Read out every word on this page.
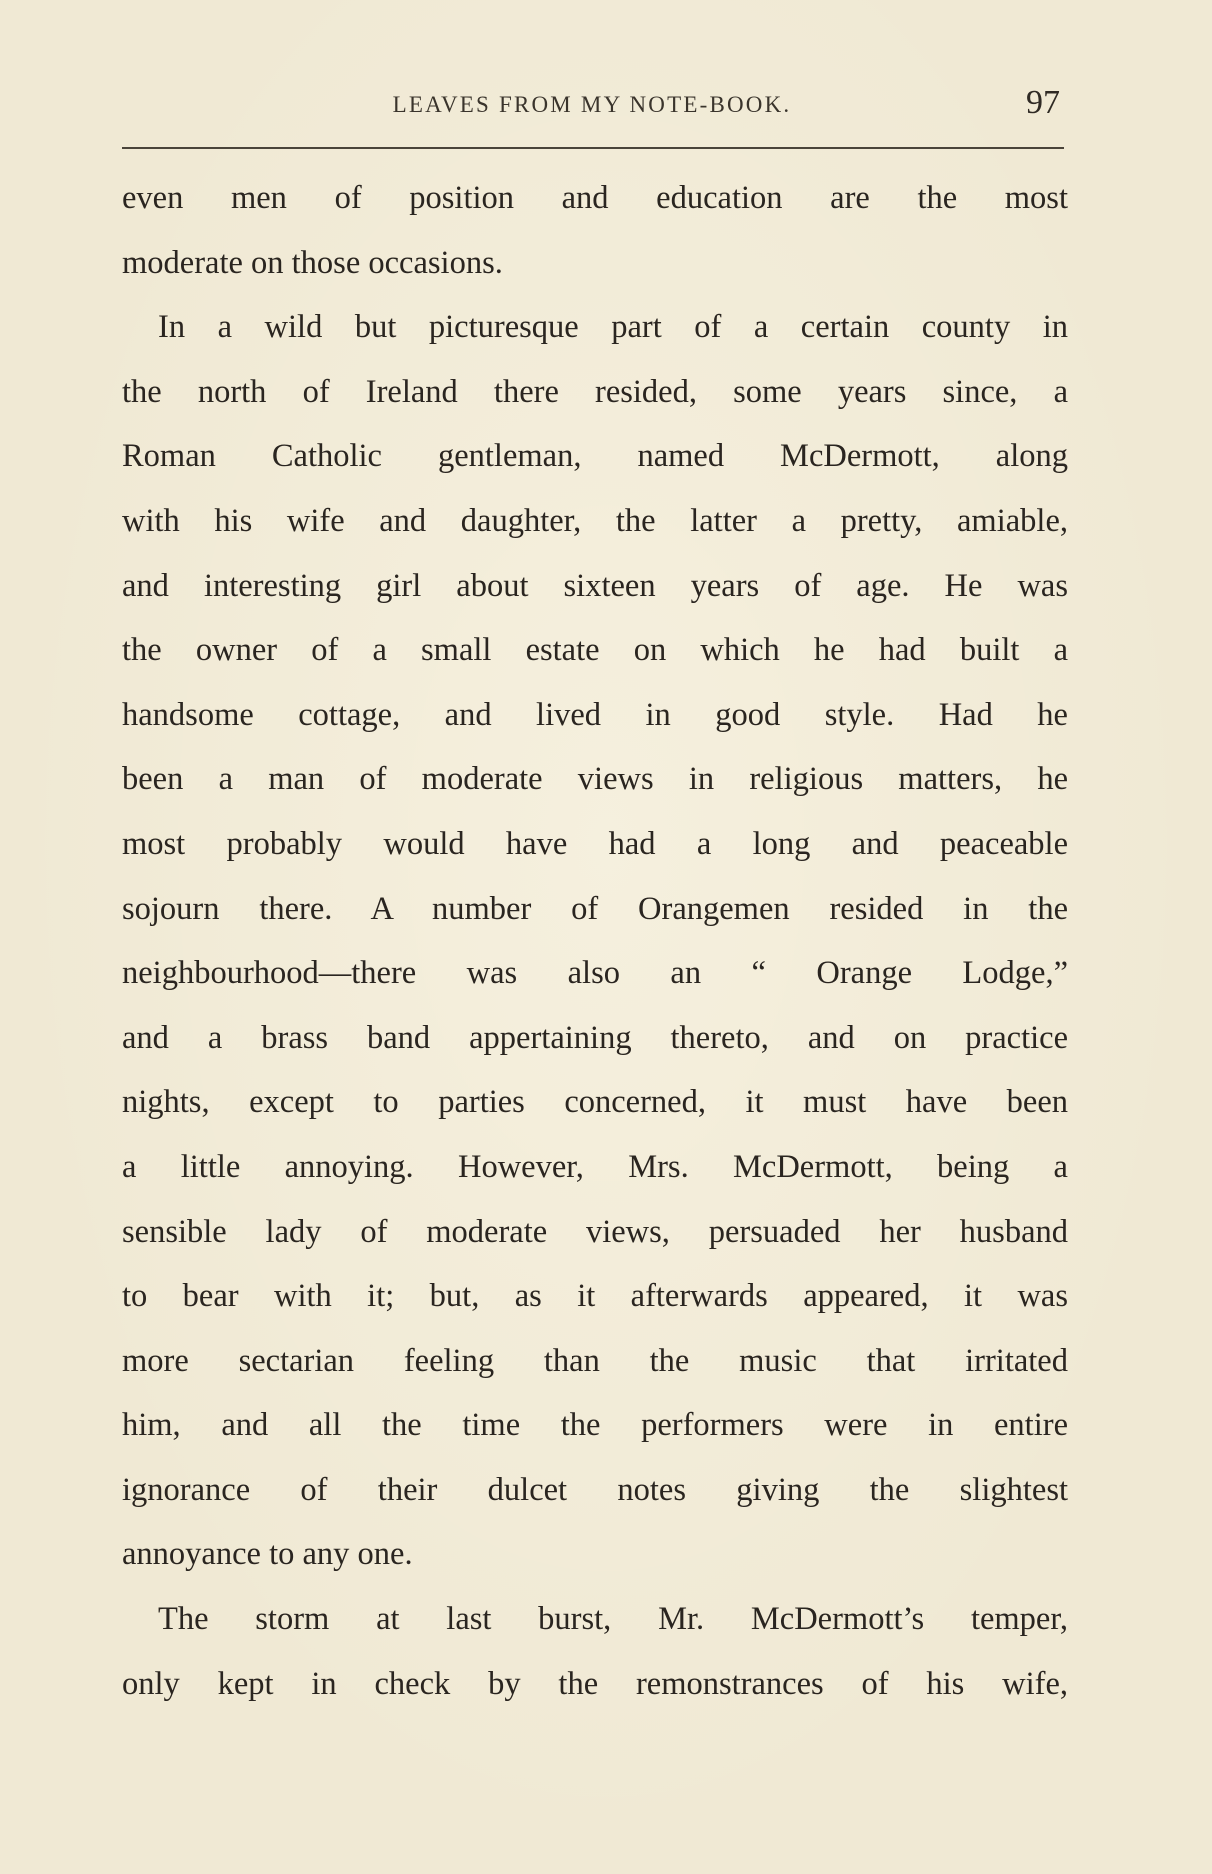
LEAVES FROM MY NOTE-BOOK.	97
even men of position and education are the most
moderate on those occasions.
In a wild but picturesque part of a certain county in
the north of Ireland there resided, some years since, a
Roman Catholic gentleman, named McDermott, along
with his wife and daughter, the latter a pretty, amiable,
and interesting girl about sixteen years of age. He was
the owner of a small estate on which he had built a
handsome cottage, and lived in good style. Had he
been a man of moderate views in religious matters, he
most probably would have had a long and peaceable
sojourn there. A number of Orangemen resided in the
neighbourhood—there was also an “ Orange Lodge,”
and a brass band appertaining thereto, and on practice
nights, except to parties concerned, it must have been
a little annoying. However, Mrs. McDermott, being a
sensible lady of moderate views, persuaded her husband
to bear with it; but, as it afterwards appeared, it was
more sectarian feeling than the music that irritated
him, and all the time the performers were in entire
ignorance of their dulcet notes giving the slightest
annoyance to any one.
The storm at last burst, Mr. McDermott’s temper,
only kept in check by the remonstrances of his wife,
